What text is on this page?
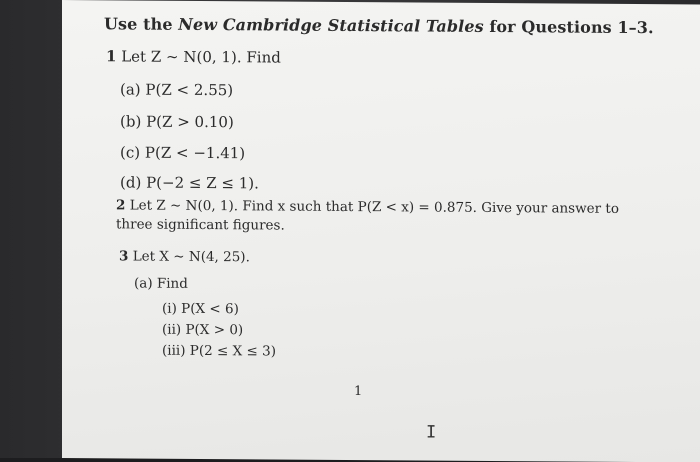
Use the New Cambridge Statistical Tables for Questions 1–3.
1 Let Z ~ N(0, 1). Find
(a) P(Z < 2.55)
(b) P(Z > 0.10)
(c) P(Z < −1.41)
(d) P(−2 ≤ Z ≤ 1).
2 Let Z ~ N(0, 1). Find x such that P(Z < x) = 0.875. Give your answer to
three significant figures.
3 Let X ~ N(4, 25).
(a) Find
(i) P(X < 6)
(ii) P(X > 0)
(iii) P(2 ≤ X ≤ 3)
1
I
